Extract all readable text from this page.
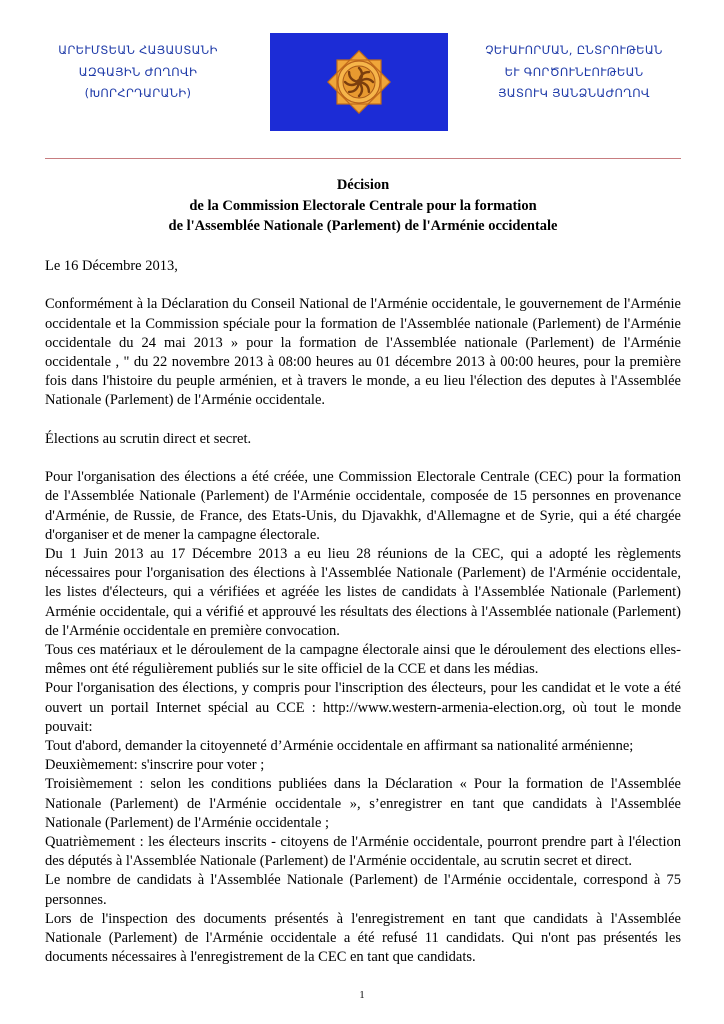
ԱՐԵՒՄՏԵԱՆ ՀԱՅԱՍՏԱՆԻ
ԱԶԳԱՅԻՆ ԺՈՂՈՎԻ
(ԽՈՐՀՐԴԱՐԱՆԻ)
ՉԵՒԱՒՈՐՄԱՆ, ԸՆՏՐՈՒԹԵԱՆ
ԵՒ ԳՈՐԾՈՒՆԷՈՒԹԵԱՆ
ՅԱՏՈՒԿ ՅԱՆՁՆԱԺՈՂՈՎ
Décision
de la Commission Electorale Centrale pour la formation
de l'Assemblée Nationale (Parlement) de l'Arménie occidentale

Le 16 Décembre 2013,

Conformément à la Déclaration du Conseil National de l'Arménie occidentale, le gouvernement de l'Arménie occidentale et la Commission spéciale pour la formation de l'Assemblée nationale (Parlement) de l'Arménie occidentale du 24 mai 2013 » pour la formation de l'Assemblée nationale (Parlement) de l'Arménie occidentale , " du 22 novembre 2013 à 08:00 heures au 01 décembre 2013 à 00:00 heures, pour la première fois dans l'histoire du peuple arménien, et à travers le monde, a eu lieu l'élection des deputes à l'Assemblée Nationale (Parlement) de l'Arménie occidentale.

Élections au scrutin direct et secret.

Pour l'organisation des élections a été créée, une Commission Electorale Centrale (CEC) pour la formation de l'Assemblée Nationale (Parlement) de l'Arménie occidentale, composée de 15 personnes en provenance d'Arménie, de Russie, de France, des Etats-Unis, du Djavakhk, d'Allemagne et de Syrie, qui a été chargée d'organiser et de mener la campagne électorale.

Du 1 Juin 2013 au 17 Décembre 2013 a eu lieu 28 réunions de la CEC, qui a adopté les règlements nécessaires pour l'organisation des élections à l'Assemblée Nationale (Parlement) de l'Arménie occidentale, les listes d'électeurs, qui a vérifiées et agréée les listes de candidats à l'Assemblée Nationale (Parlement) Arménie occidentale, qui a vérifié et approuvé les résultats des élections à l'Assemblée nationale (Parlement) de l'Arménie occidentale en première convocation.

Tous ces matériaux et le déroulement de la campagne électorale ainsi que le déroulement des elections elles-mêmes ont été régulièrement publiés sur le site officiel de la CCE et dans les médias.

Pour l'organisation des élections, y compris pour l'inscription des électeurs, pour les candidat et le vote a été ouvert un portail Internet spécial au CCE : http://www.western-armenia-election.org, où tout le monde pouvait:

Tout d'abord, demander la citoyenneté d’Arménie occidentale en affirmant sa nationalité arménienne;

Deuxièmement: s'inscrire pour voter ;

Troisièmement : selon les conditions publiées dans la Déclaration « Pour la formation de l'Assemblée Nationale (Parlement) de l'Arménie occidentale », s’enregistrer en tant que candidats à l'Assemblée Nationale (Parlement) de l'Arménie occidentale ;

Quatrièmement : les électeurs inscrits - citoyens de l'Arménie occidentale, pourront prendre part à l'élection des députés à l'Assemblée Nationale (Parlement) de l'Arménie occidentale, au scrutin secret et direct.

Le nombre de candidats à l'Assemblée Nationale (Parlement) de l'Arménie occidentale, correspond à 75 personnes.

Lors de l'inspection des documents présentés à l'enregistrement en tant que candidats à l'Assemblée Nationale (Parlement) de l'Arménie occidentale a été refusé 11 candidats. Qui n'ont pas présentés les documents nécessaires à l'enregistrement de la CEC en tant que candidats.

1
